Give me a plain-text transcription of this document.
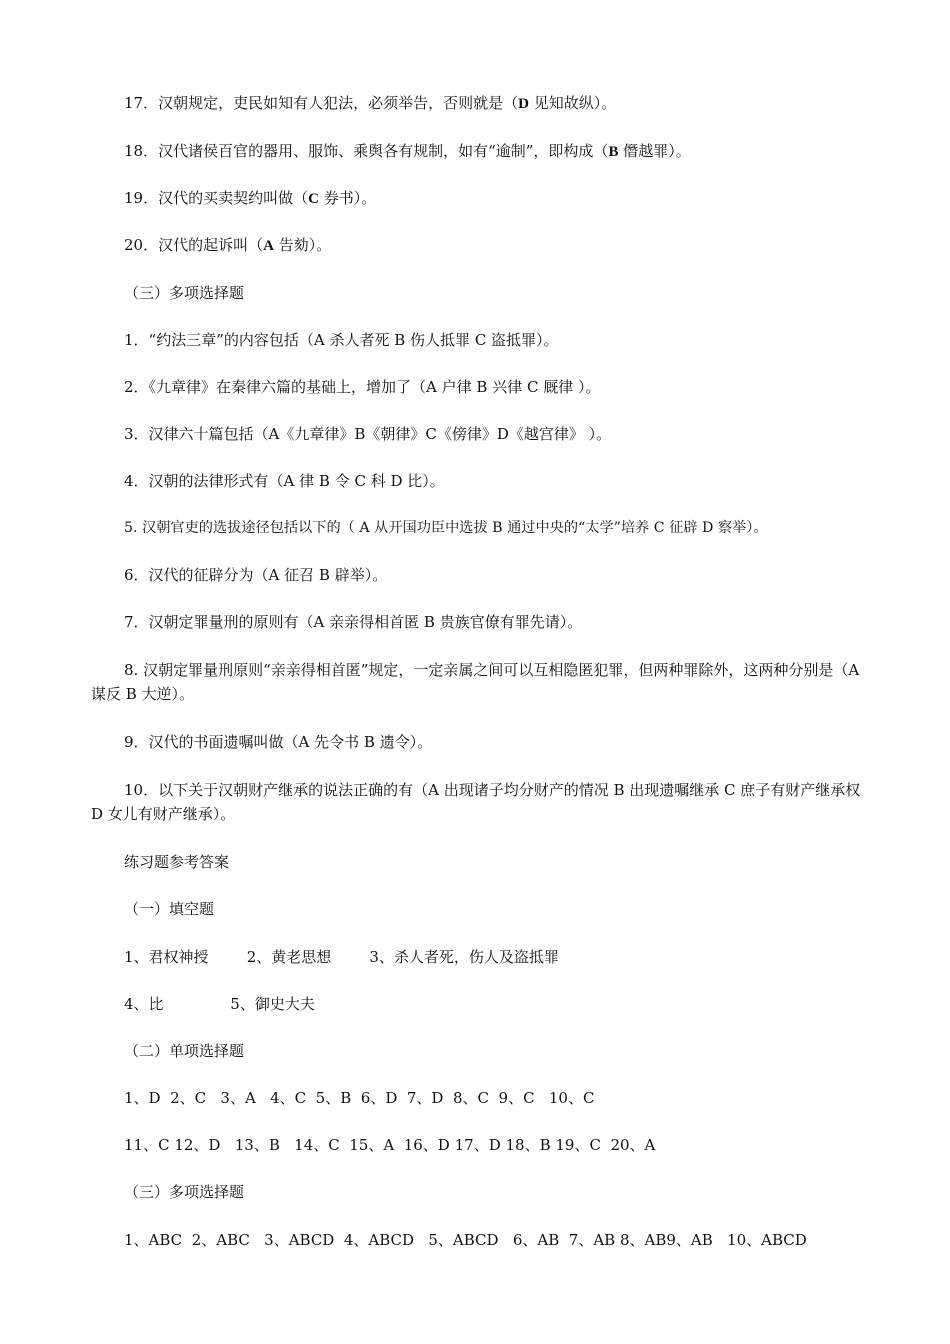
17．汉朝规定，吏民如知有人犯法，必须举告，否则就是（D 见知故纵）。
18．汉代诸侯百官的器用、服饰、乘舆各有规制，如有“逾制”，即构成（B 僭越罪）。
19．汉代的买卖契约叫做（C 券书）。
20．汉代的起诉叫（A 告劾）。
（三）多项选择题
1．“约法三章”的内容包括（A 杀人者死 B 伤人抵罪 C 盗抵罪）。
2．《九章律》在秦律六篇的基础上，增加了（A 户律 B 兴律 C 厩律 ）。
3．汉律六十篇包括（A《九章律》B《朝律》C《傍律》D《越宫律》 ）。
4．汉朝的法律形式有（A 律 B 令 C 科 D 比）。
5. 汉朝官吏的选拔途径包括以下的（ A 从开国功臣中选拔 B 通过中央的“太学”培养 C 征辟 D 察举）。
6．汉代的征辟分为（A 征召 B 辟举）。
7．汉朝定罪量刑的原则有（A 亲亲得相首匿 B 贵族官僚有罪先请）。
8. 汉朝定罪量刑原则“亲亲得相首匿”规定，一定亲属之间可以互相隐匿犯罪，但两种罪除外，这两种分别是（A 谋反 B 大逆）。
9．汉代的书面遗嘱叫做（A 先令书 B 遗令）。
10．以下关于汉朝财产继承的说法正确的有（A 出现诸子均分财产的情况 B 出现遗嘱继承 C 庶子有财产继承权 D 女儿有财产继承）。
练习题参考答案
（一）填空题
1、君权神授        2、黄老思想        3、杀人者死，伤人及盗抵罪
4、比              5、御史大夫
（二）单项选择题
1、D  2、C   3、A   4、C  5、B  6、D  7、D  8、C  9、C   10、C
11、C 12、D   13、B   14、C  15、A  16、D 17、D 18、B 19、C  20、A
（三）多项选择题
1、ABC  2、ABC   3、ABCD  4、ABCD   5、ABCD   6、AB  7、AB 8、AB9、AB   10、ABCD
